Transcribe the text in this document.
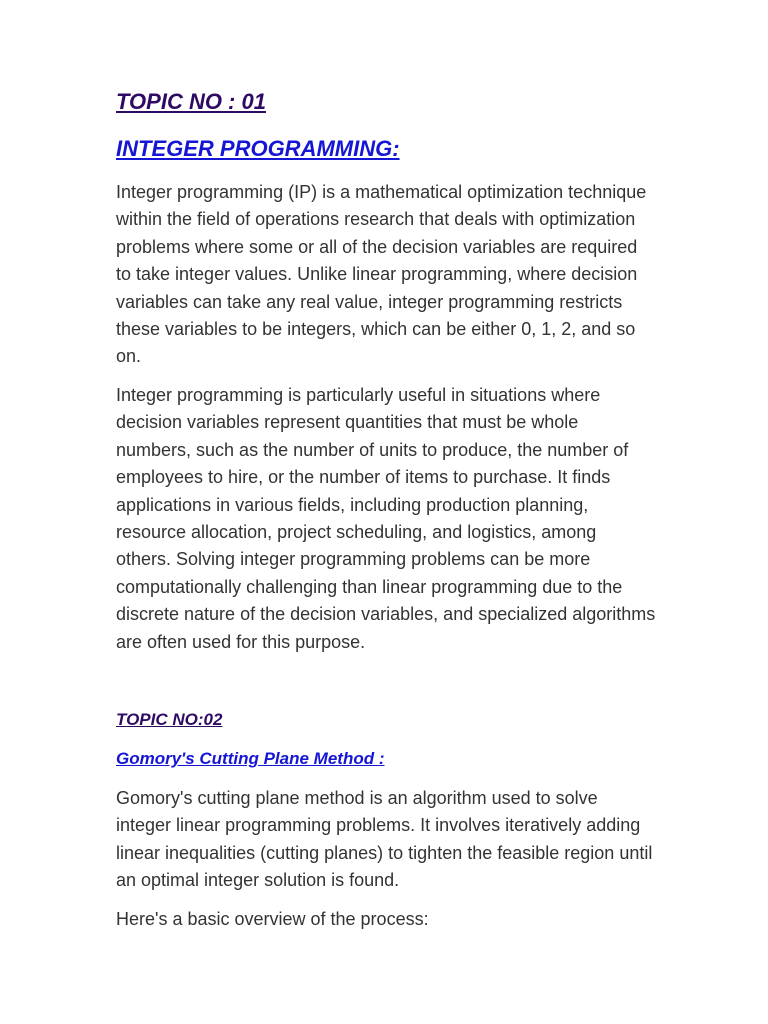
TOPIC NO : 01
INTEGER PROGRAMMING:

Integer programming (IP) is a mathematical optimization technique within the field of operations research that deals with optimization problems where some or all of the decision variables are required to take integer values. Unlike linear programming, where decision variables can take any real value, integer programming restricts these variables to be integers, which can be either 0, 1, 2, and so on.

Integer programming is particularly useful in situations where decision variables represent quantities that must be whole numbers, such as the number of units to produce, the number of employees to hire, or the number of items to purchase. It finds applications in various fields, including production planning, resource allocation, project scheduling, and logistics, among others. Solving integer programming problems can be more computationally challenging than linear programming due to the discrete nature of the decision variables, and specialized algorithms are often used for this purpose.

TOPIC NO:02
Gomory's Cutting Plane Method :

Gomory's cutting plane method is an algorithm used to solve integer linear programming problems. It involves iteratively adding linear inequalities (cutting planes) to tighten the feasible region until an optimal integer solution is found.

Here's a basic overview of the process:
